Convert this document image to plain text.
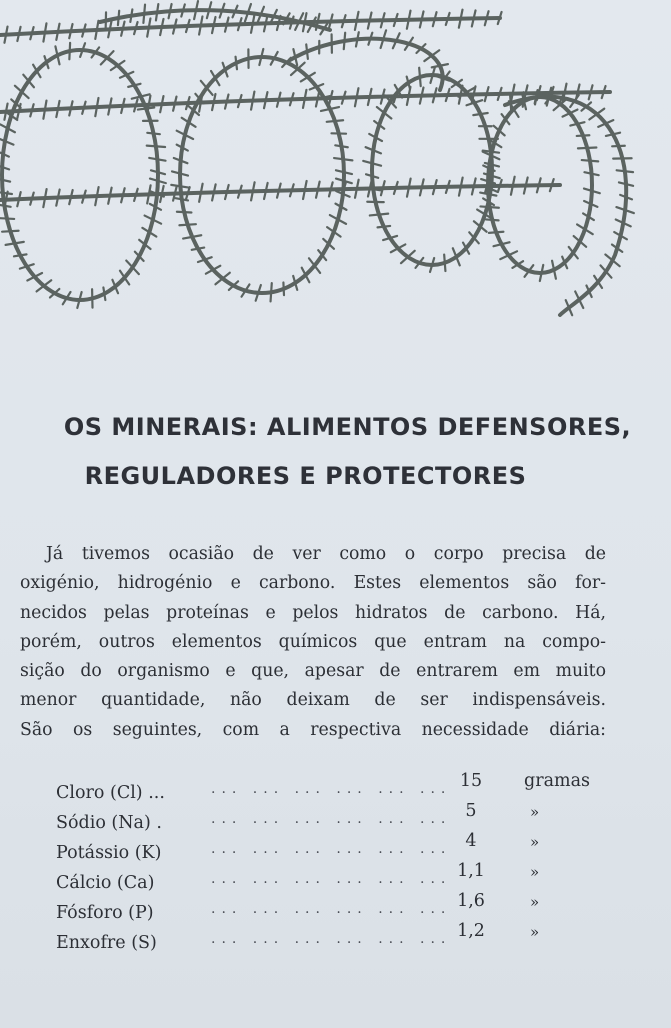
OS MINERAIS: ALIMENTOS DEFENSORES,
REGULADORES E PROTECTORES
Já tivemos ocasião de ver como o corpo precisa de
oxigénio, hidrogénio e carbono. Estes elementos são for-
necidos pelas proteínas e pelos hidratos de carbono. Há,
porém, outros elementos químicos que entram na compo-
sição do organismo e que, apesar de entrarem em muito
menor quantidade, não deixam de ser indispensáveis.
São os seguintes, com a respectiva necessidade diária:
Cloro (Cl) ...	... ... ... ... ... ... 15	gramas
Sódio (Na) .	... ... ... ... ... ... 5	»
Potássio (K)	... ... ... ... ... ... 4	»
Cálcio (Ca)	... ... ... ... ... ... 1,1	»
Fósforo (P)	... ... ... ... ... ... 1,6	»
Enxofre (S)	... ... ... ... ... ... 1,2	»
